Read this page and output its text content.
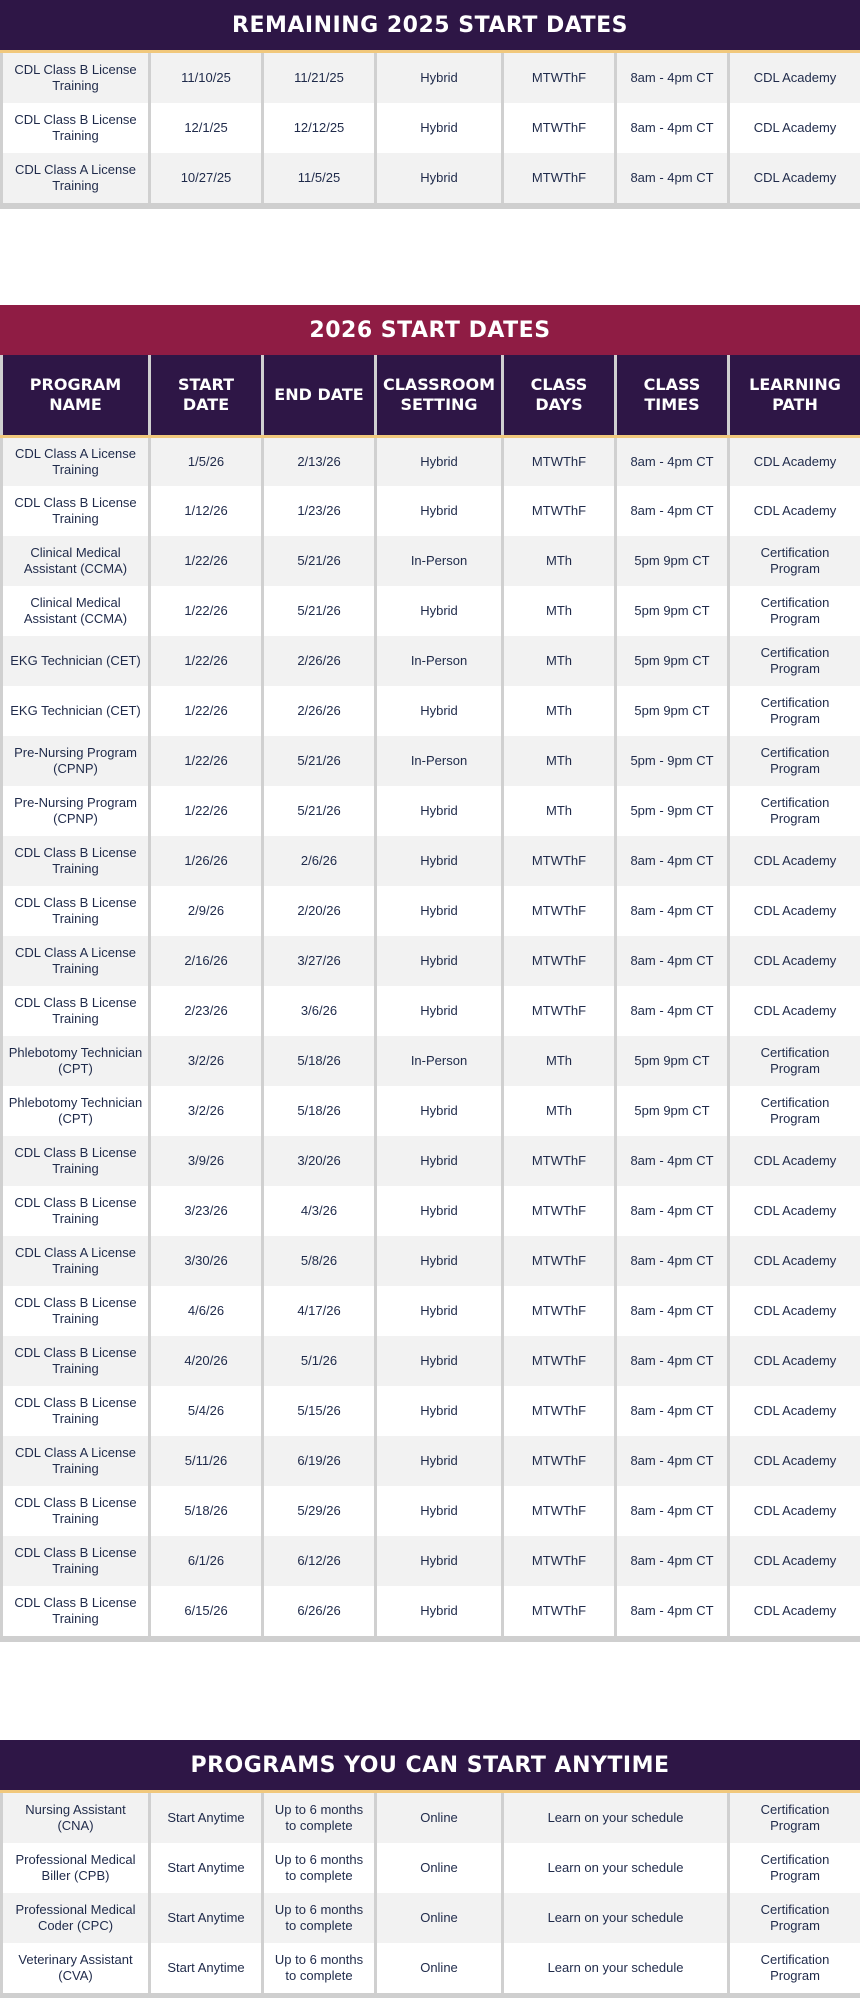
REMAINING 2025 START DATES
CDL Class B License Training	11/10/25	11/21/25	Hybrid	MTWThF	8am - 4pm CT	CDL Academy
CDL Class B License Training	12/1/25	12/12/25	Hybrid	MTWThF	8am - 4pm CT	CDL Academy
CDL Class A License Training	10/27/25	11/5/25	Hybrid	MTWThF	8am - 4pm CT	CDL Academy
2026 START DATES
PROGRAM NAME	START DATE	END DATE	CLASSROOM SETTING	CLASS DAYS	CLASS TIMES	LEARNING PATH
CDL Class A License Training	1/5/26	2/13/26	Hybrid	MTWThF	8am - 4pm CT	CDL Academy
CDL Class B License Training	1/12/26	1/23/26	Hybrid	MTWThF	8am - 4pm CT	CDL Academy
Clinical Medical Assistant (CCMA)	1/22/26	5/21/26	In-Person	MTh	5pm 9pm CT	Certification Program
Clinical Medical Assistant (CCMA)	1/22/26	5/21/26	Hybrid	MTh	5pm 9pm CT	Certification Program
EKG Technician (CET)	1/22/26	2/26/26	In-Person	MTh	5pm 9pm CT	Certification Program
EKG Technician (CET)	1/22/26	2/26/26	Hybrid	MTh	5pm 9pm CT	Certification Program
Pre-Nursing Program (CPNP)	1/22/26	5/21/26	In-Person	MTh	5pm - 9pm CT	Certification Program
Pre-Nursing Program (CPNP)	1/22/26	5/21/26	Hybrid	MTh	5pm - 9pm CT	Certification Program
CDL Class B License Training	1/26/26	2/6/26	Hybrid	MTWThF	8am - 4pm CT	CDL Academy
CDL Class B License Training	2/9/26	2/20/26	Hybrid	MTWThF	8am - 4pm CT	CDL Academy
CDL Class A License Training	2/16/26	3/27/26	Hybrid	MTWThF	8am - 4pm CT	CDL Academy
CDL Class B License Training	2/23/26	3/6/26	Hybrid	MTWThF	8am - 4pm CT	CDL Academy
Phlebotomy Technician (CPT)	3/2/26	5/18/26	In-Person	MTh	5pm 9pm CT	Certification Program
Phlebotomy Technician (CPT)	3/2/26	5/18/26	Hybrid	MTh	5pm 9pm CT	Certification Program
CDL Class B License Training	3/9/26	3/20/26	Hybrid	MTWThF	8am - 4pm CT	CDL Academy
CDL Class B License Training	3/23/26	4/3/26	Hybrid	MTWThF	8am - 4pm CT	CDL Academy
CDL Class A License Training	3/30/26	5/8/26	Hybrid	MTWThF	8am - 4pm CT	CDL Academy
CDL Class B License Training	4/6/26	4/17/26	Hybrid	MTWThF	8am - 4pm CT	CDL Academy
CDL Class B License Training	4/20/26	5/1/26	Hybrid	MTWThF	8am - 4pm CT	CDL Academy
CDL Class B License Training	5/4/26	5/15/26	Hybrid	MTWThF	8am - 4pm CT	CDL Academy
CDL Class A License Training	5/11/26	6/19/26	Hybrid	MTWThF	8am - 4pm CT	CDL Academy
CDL Class B License Training	5/18/26	5/29/26	Hybrid	MTWThF	8am - 4pm CT	CDL Academy
CDL Class B License Training	6/1/26	6/12/26	Hybrid	MTWThF	8am - 4pm CT	CDL Academy
CDL Class B License Training	6/15/26	6/26/26	Hybrid	MTWThF	8am - 4pm CT	CDL Academy
PROGRAMS YOU CAN START ANYTIME
Nursing Assistant (CNA)	Start Anytime	Up to 6 months to complete	Online	Learn on your schedule	Certification Program
Professional Medical Biller (CPB)	Start Anytime	Up to 6 months to complete	Online	Learn on your schedule	Certification Program
Professional Medical Coder (CPC)	Start Anytime	Up to 6 months to complete	Online	Learn on your schedule	Certification Program
Veterinary Assistant (CVA)	Start Anytime	Up to 6 months to complete	Online	Learn on your schedule	Certification Program
